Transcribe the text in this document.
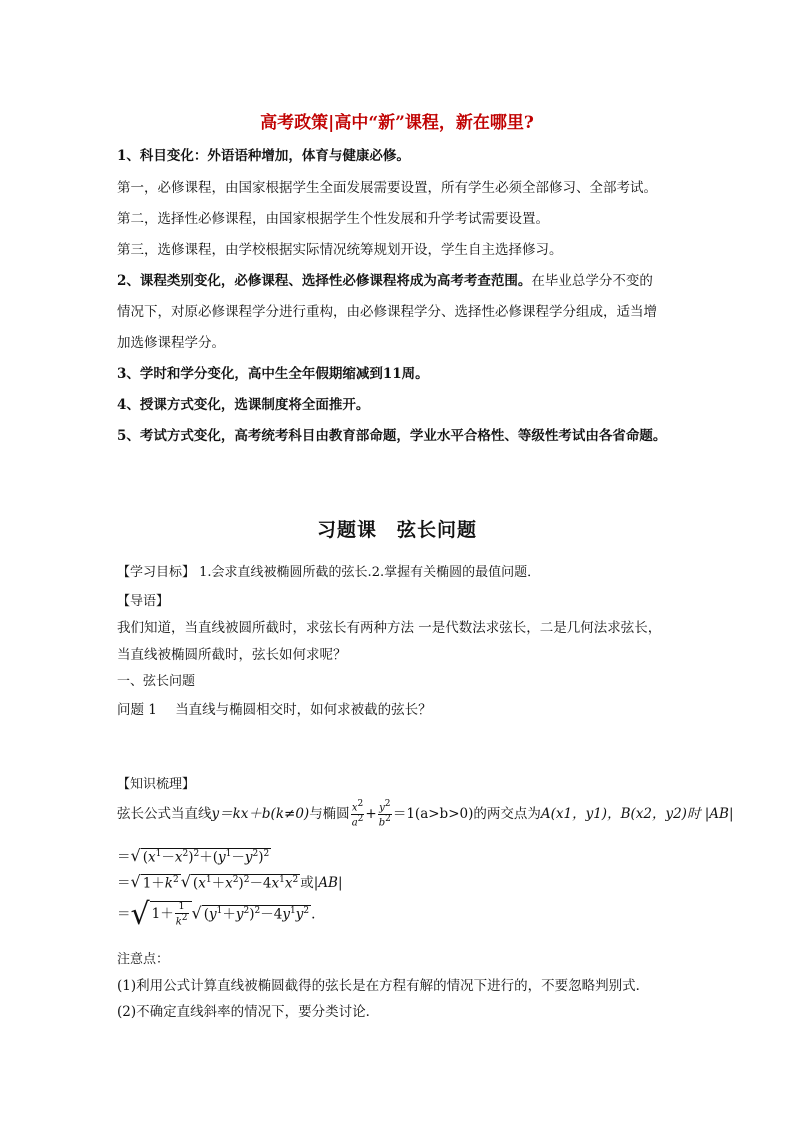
高考政策|高中“新”课程，新在哪里?
1、科目变化：外语语种增加，体育与健康必修。
第一，必修课程，由国家根据学生全面发展需要设置，所有学生必须全部修习、全部考试。
第二，选择性必修课程，由国家根据学生个性发展和升学考试需要设置。
第三，选修课程，由学校根据实际情况统筹规划开设，学生自主选择修习。
2、课程类别变化，必修课程、选择性必修课程将成为高考考查范围。在毕业总学分不变的
情况下，对原必修课程学分进行重构，由必修课程学分、选择性必修课程学分组成，适当增
加选修课程学分。
3、学时和学分变化，高中生全年假期缩减到11周。
4、授课方式变化，选课制度将全面推开。
5、考试方式变化，高考统考科目由教育部命题，学业水平合格性、等级性考试由各省命题。
习题课　弦长问题
【学习目标】 1.会求直线被椭圆所截的弦长.2.掌握有关椭圆的最值问题．
【导语】
我们知道，当直线被圆所截时，求弦长有两种方法 一是代数法求弦长，二是几何法求弦长，
当直线被椭圆所截时，弦长如何求呢？
一、弦长问题
问题 1 当直线与椭圆相交时，如何求被截的弦长？
【知识梳理】
弦长公式当直线y＝kx＋b(k≠0)与椭圆 $\frac{x2}{a2} + \frac{y2}{b2} =1(a>b>0)$的两交点为A(x1，y1)，B(x2，y2)时 |AB|
＝√ $(x^1-x^2)^2+(y^1-y^2)^2$
＝√ $1+k^2$ √ $(x^1+x^2)^2-4x^1x^2$ 或|AB|
＝√ $1+ \frac{1}{k2}$ √ $(y^1+y^2)^2-4y^1y^2$ .
注意点：
(1)利用公式计算直线被椭圆截得的弦长是在方程有解的情况下进行的，不要忽略判别式．
(2)不确定直线斜率的情况下，要分类讨论．
